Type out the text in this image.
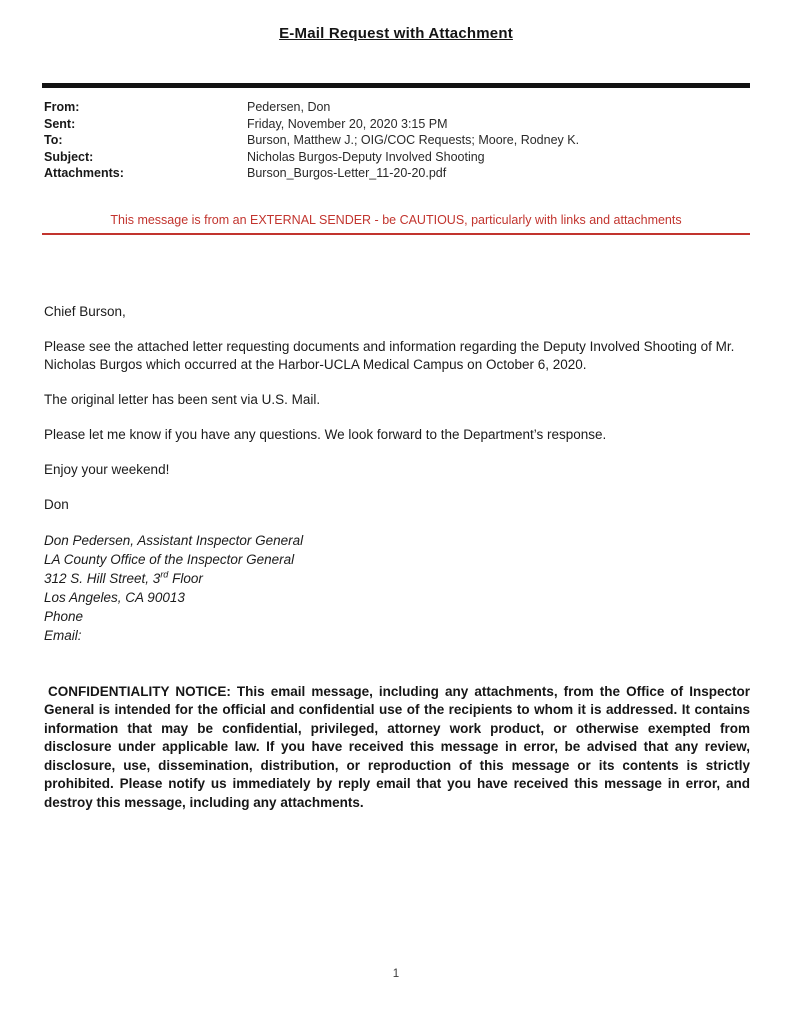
E-Mail Request with Attachment
From:	Pedersen, Don
Sent:	Friday, November 20, 2020 3:15 PM
To:	Burson, Matthew J.; OIG/COC Requests; Moore, Rodney K.
Subject:	Nicholas Burgos-Deputy Involved Shooting
Attachments:	Burson_Burgos-Letter_11-20-20.pdf
This message is from an EXTERNAL SENDER - be CAUTIOUS, particularly with links and attachments

Chief Burson,

Please see the attached letter requesting documents and information regarding the Deputy Involved Shooting of Mr. Nicholas Burgos which occurred at the Harbor-UCLA Medical Campus on October 6, 2020.

The original letter has been sent via U.S. Mail.

Please let me know if you have any questions. We look forward to the Department’s response.

Enjoy your weekend!

Don

Don Pedersen, Assistant Inspector General
LA County Office of the Inspector General
312 S. Hill Street, 3rd Floor
Los Angeles, CA 90013
Phone
Email:

CONFIDENTIALITY NOTICE: This email message, including any attachments, from the Office of Inspector General is intended for the official and confidential use of the recipients to whom it is addressed. It contains information that may be confidential, privileged, attorney work product, or otherwise exempted from disclosure under applicable law. If you have received this message in error, be advised that any review, disclosure, use, dissemination, distribution, or reproduction of this message or its contents is strictly prohibited. Please notify us immediately by reply email that you have received this message in error, and destroy this message, including any attachments.

1
